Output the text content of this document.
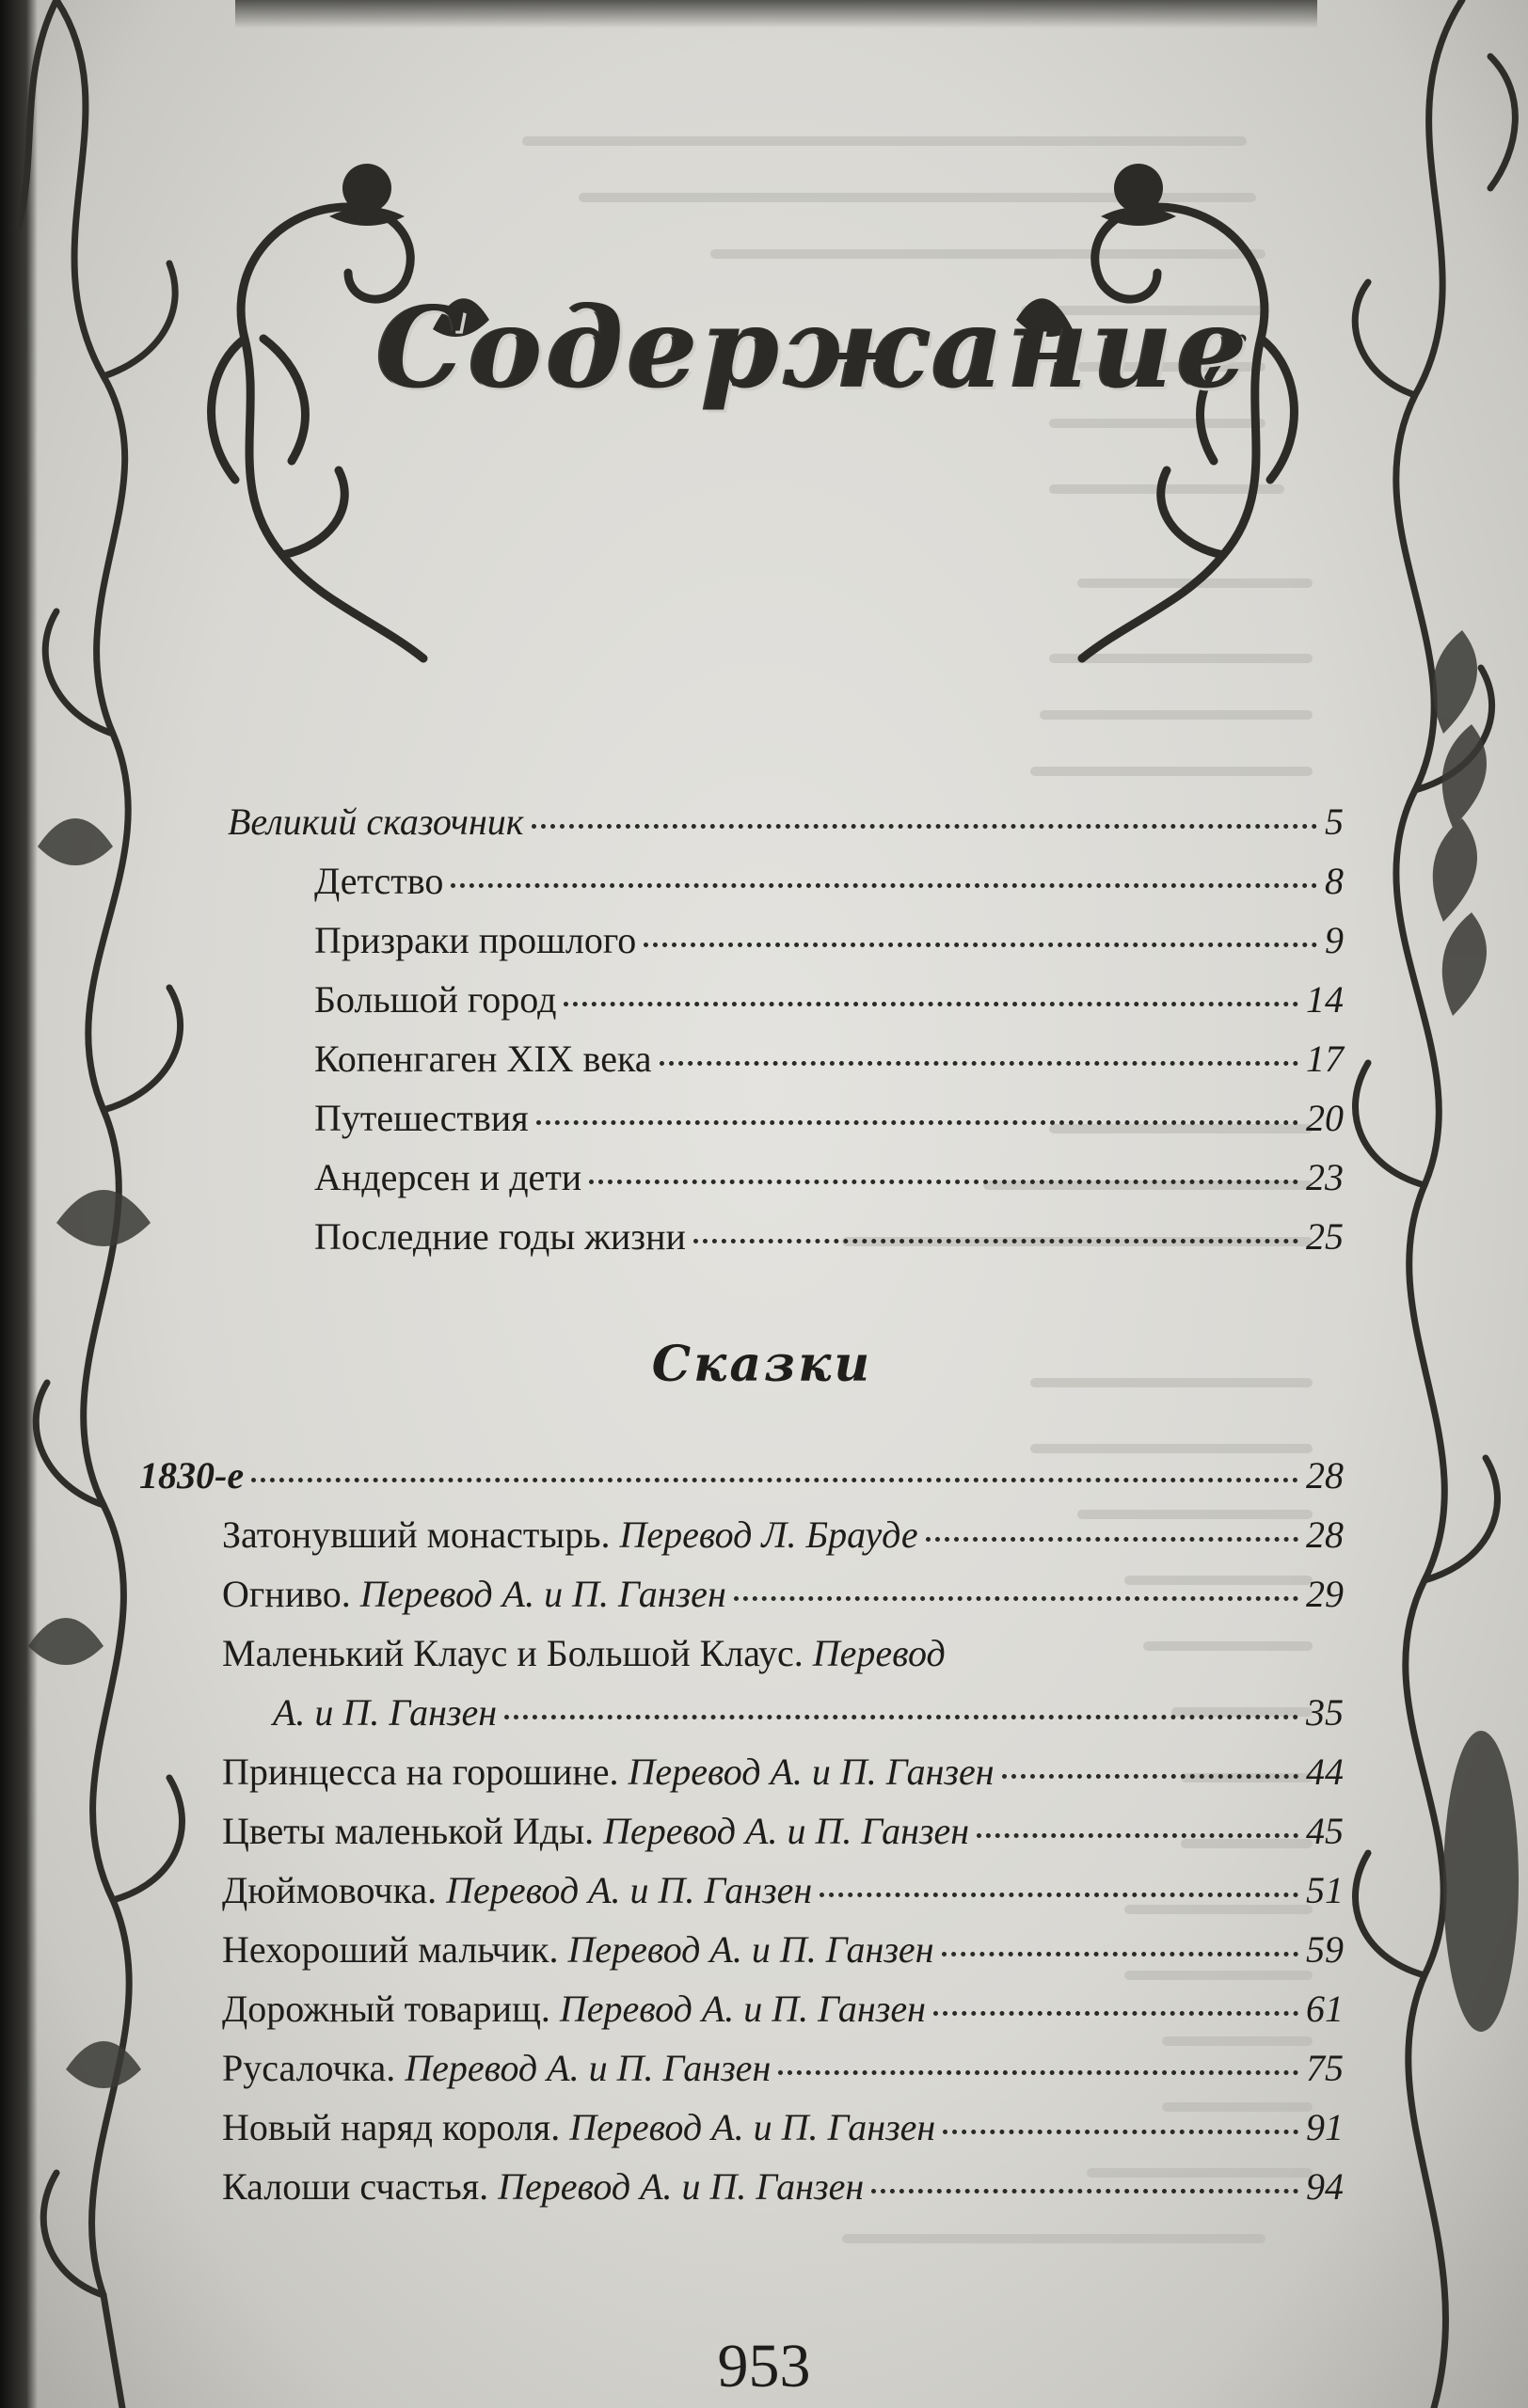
Содержание
Великий сказочник	5
Детство	8
Призраки прошлого	9
Большой город	14
Копенгаген XIX века	17
Путешествия	20
Андерсен и дети	23
Последние годы жизни	25
Сказки
1830-е	28
Затонувший монастырь. Перевод Л. Брауде	28
Огниво. Перевод А. и П. Ганзен	29
Маленький Клаус и Большой Клаус. Перевод
А. и П. Ганзен	35
Принцесса на горошине. Перевод А. и П. Ганзен	44
Цветы маленькой Иды. Перевод А. и П. Ганзен	45
Дюймовочка. Перевод А. и П. Ганзен	51
Нехороший мальчик. Перевод А. и П. Ганзен	59
Дорожный товарищ. Перевод А. и П. Ганзен	61
Русалочка. Перевод А. и П. Ганзен	75
Новый наряд короля. Перевод А. и П. Ганзен	91
Калоши счастья. Перевод А. и П. Ганзен	94
953
